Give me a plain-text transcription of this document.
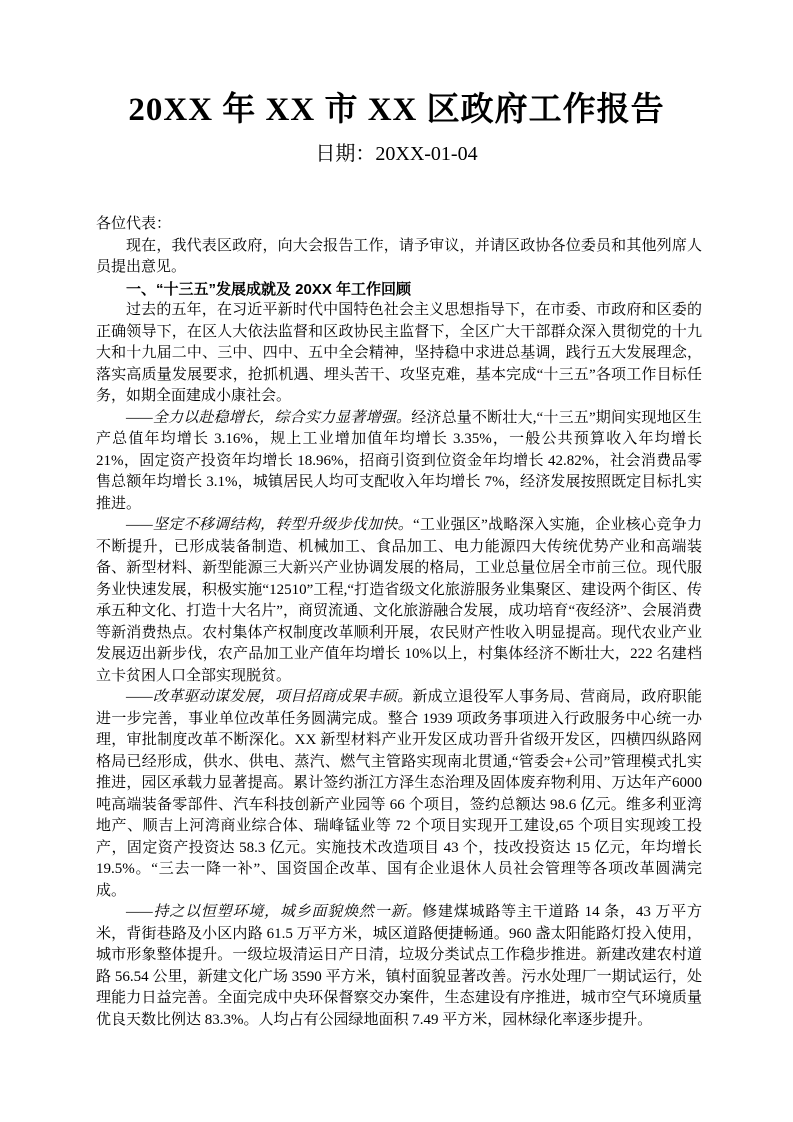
20XX 年 XX 市 XX 区政府工作报告
日期：20XX-01-04

各位代表：

现在，我代表区政府，向大会报告工作，请予审议，并请区政协各位委员和其他列席人员提出意见。

一、“十三五”发展成就及 20XX 年工作回顾

过去的五年，在习近平新时代中国特色社会主义思想指导下，在市委、市政府和区委的正确领导下，在区人大依法监督和区政协民主监督下，全区广大干部群众深入贯彻党的十九大和十九届二中、三中、四中、五中全会精神，坚持稳中求进总基调，践行五大发展理念，落实高质量发展要求，抢抓机遇、埋头苦干、攻坚克难，基本完成“十三五”各项工作目标任务，如期全面建成小康社会。

——全力以赴稳增长，综合实力显著增强。经济总量不断壮大,“十三五”期间实现地区生产总值年均增长 3.16%，规上工业增加值年均增长 3.35%，一般公共预算收入年均增长 21%，固定资产投资年均增长 18.96%，招商引资到位资金年均增长 42.82%，社会消费品零售总额年均增长 3.1%，城镇居民人均可支配收入年均增长 7%，经济发展按照既定目标扎实推进。

——坚定不移调结构，转型升级步伐加快。“工业强区”战略深入实施，企业核心竞争力不断提升，已形成装备制造、机械加工、食品加工、电力能源四大传统优势产业和高端装备、新型材料、新型能源三大新兴产业协调发展的格局，工业总量位居全市前三位。现代服务业快速发展，积极实施“12510”工程,“打造省级文化旅游服务业集聚区、建设两个街区、传承五种文化、打造十大名片”，商贸流通、文化旅游融合发展，成功培育“夜经济”、会展消费等新消费热点。农村集体产权制度改革顺利开展，农民财产性收入明显提高。现代农业产业发展迈出新步伐，农产品加工业产值年均增长 10%以上，村集体经济不断壮大，222 名建档立卡贫困人口全部实现脱贫。

——改革驱动谋发展，项目招商成果丰硕。新成立退役军人事务局、营商局，政府职能进一步完善，事业单位改革任务圆满完成。整合 1939 项政务事项进入行政服务中心统一办理，审批制度改革不断深化。XX 新型材料产业开发区成功晋升省级开发区，四横四纵路网格局已经形成，供水、供电、蒸汽、燃气主管路实现南北贯通,“管委会+公司”管理模式扎实推进，园区承载力显著提高。累计签约浙江方泽生态治理及固体废弃物利用、万达年产6000 吨高端装备零部件、汽车科技创新产业园等 66 个项目，签约总额达 98.6 亿元。维多利亚湾地产、顺吉上河湾商业综合体、瑞峰锰业等 72 个项目实现开工建设,65 个项目实现竣工投产，固定资产投资达 58.3 亿元。实施技术改造项目 43 个，技改投资达 15 亿元，年均增长 19.5%。“三去一降一补”、国资国企改革、国有企业退休人员社会管理等各项改革圆满完成。

——持之以恒塑环境，城乡面貌焕然一新。修建煤城路等主干道路 14 条，43 万平方米，背街巷路及小区内路 61.5 万平方米，城区道路便捷畅通。960 盏太阳能路灯投入使用，城市形象整体提升。一级垃圾清运日产日清，垃圾分类试点工作稳步推进。新建改建农村道路 56.54 公里，新建文化广场 3590 平方米，镇村面貌显著改善。污水处理厂一期试运行，处理能力日益完善。全面完成中央环保督察交办案件，生态建设有序推进，城市空气环境质量优良天数比例达 83.3%。人均占有公园绿地面积 7.49 平方米，园林绿化率逐步提升。
